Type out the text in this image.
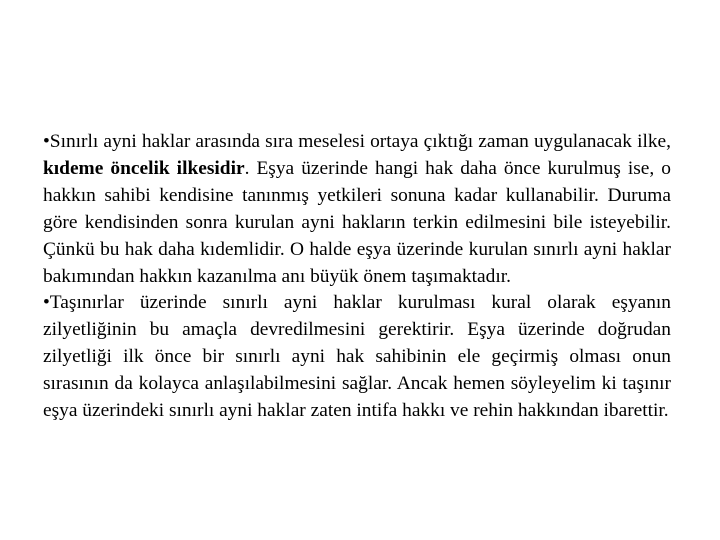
•Sınırlı ayni haklar arasında sıra meselesi ortaya çıktığı zaman uygulanacak ilke, kıdeme öncelik ilkesidir. Eşya üzerinde hangi hak daha önce kurulmuş ise, o hakkın sahibi kendisine tanınmış yetkileri sonuna kadar kullanabilir. Duruma göre kendisinden sonra kurulan ayni hakların terkin edilmesini bile isteyebilir. Çünkü bu hak daha kıdemlidir. O halde eşya üzerinde kurulan sınırlı ayni haklar bakımından hakkın kazanılma anı büyük önem taşımaktadır.

•Taşınırlar üzerinde sınırlı ayni haklar kurulması kural olarak eşyanın zilyetliğinin bu amaçla devredilmesini gerektirir. Eşya üzerinde doğrudan zilyetliği ilk önce bir sınırlı ayni hak sahibinin ele geçirmiş olması onun sırasının da kolayca anlaşılabilmesini sağlar. Ancak hemen söyleyelim ki taşınır eşya üzerindeki sınırlı ayni haklar zaten intifa hakkı ve rehin hakkından ibarettir.
